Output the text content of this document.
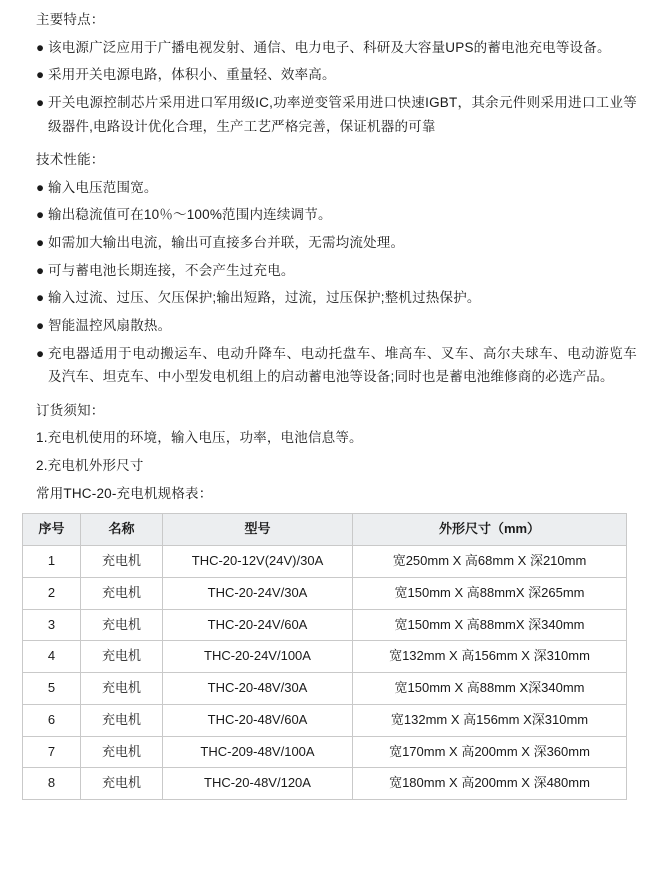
主要特点：
● 该电源广泛应用于广播电视发射、通信、电力电子、科研及大容量UPS的蓄电池充电等设备。
● 采用开关电源电路，体积小、重量轻、效率高。
● 开关电源控制芯片采用进口军用级IC,功率逆变管采用进口快速IGBT，其余元件则采用进口工业等级器件,电路设计优化合理，生产工艺严格完善，保证机器的可靠
技术性能：
● 输入电压范围宽。
● 输出稳流值可在10％～100%范围内连续调节。
● 如需加大输出电流，输出可直接多台并联，无需均流处理。
● 可与蓄电池长期连接，不会产生过充电。
● 输入过流、过压、欠压保护;输出短路，过流，过压保护;整机过热保护。
● 智能温控风扇散热。
● 充电器适用于电动搬运车、电动升降车、电动托盘车、堆高车、叉车、高尔夫球车、电动游览车及汽车、坦克车、中小型发电机组上的启动蓄电池等设备;同时也是蓄电池维修商的必选产品。
订货须知：
1.充电机使用的环境，输入电压，功率，电池信息等。
2.充电机外形尺寸
常用THC-20-充电机规格表：
序号	名称	型号	外形尺寸（mm）
1	充电机	THC-20-12V(24V)/30A	宽250mm X 高68mm X 深210mm
2	充电机	THC-20-24V/30A	宽150mm X 高88mmX 深265mm
3	充电机	THC-20-24V/60A	宽150mm X 高88mmX 深340mm
4	充电机	THC-20-24V/100A	宽132mm X 高156mm X 深310mm
5	充电机	THC-20-48V/30A	宽150mm X 高88mm X深340mm
6	充电机	THC-20-48V/60A	宽132mm X 高156mm X深310mm
7	充电机	THC-209-48V/100A	宽170mm X 高200mm X 深360mm
8	充电机	THC-20-48V/120A	宽180mm X 高200mm X 深480mm
